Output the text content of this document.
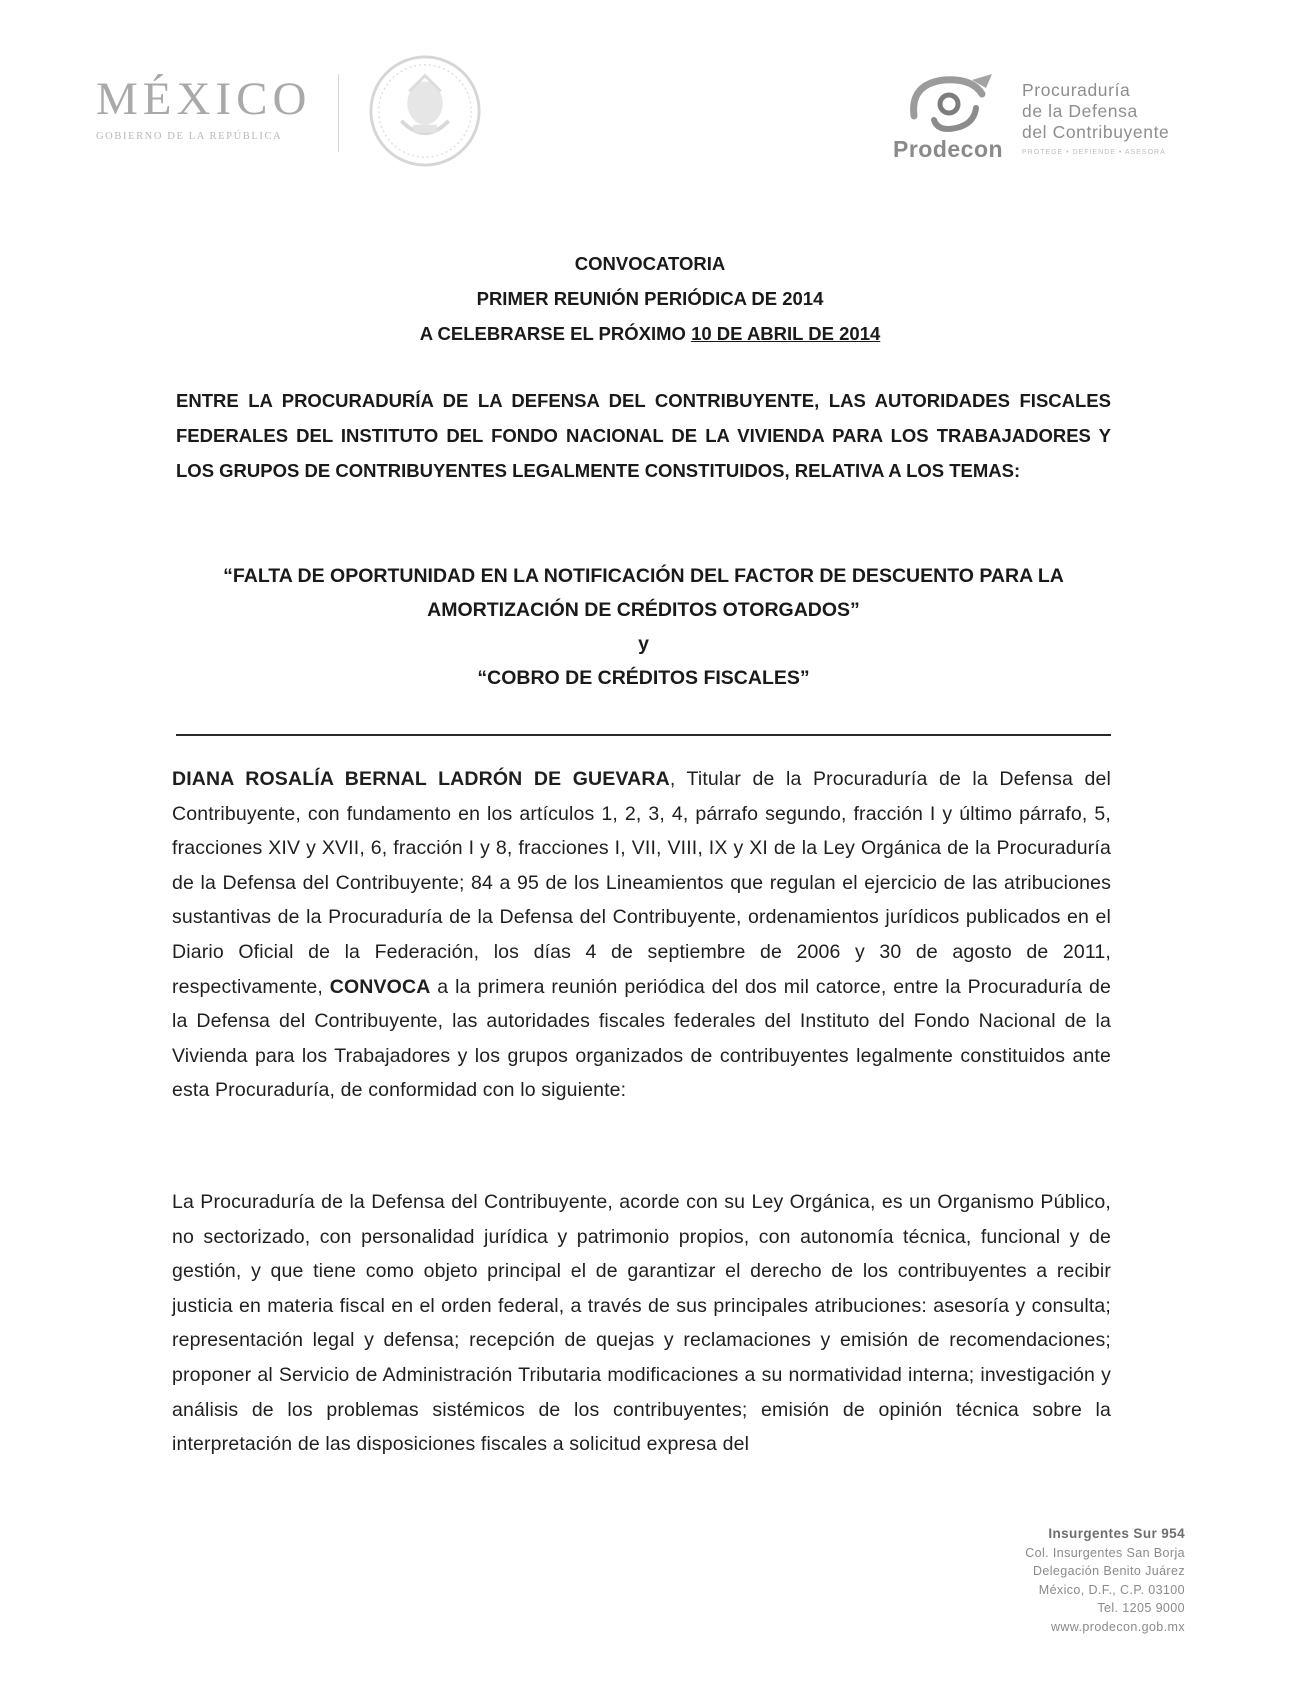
MÉXICO
GOBIERNO DE LA REPÚBLICA	Prodecon
Procuraduría
de la Defensa
del Contribuyente
PROTEGE • DEFIENDE • ASESORA
CONVOCATORIA
PRIMER REUNIÓN PERIÓDICA DE 2014
A CELEBRARSE EL PRÓXIMO 10 DE ABRIL DE 2014
ENTRE LA PROCURADURÍA DE LA DEFENSA DEL CONTRIBUYENTE, LAS AUTORIDADES FISCALES FEDERALES DEL INSTITUTO DEL FONDO NACIONAL DE LA VIVIENDA PARA LOS TRABAJADORES Y LOS GRUPOS DE CONTRIBUYENTES LEGALMENTE CONSTITUIDOS, RELATIVA A LOS TEMAS:
“FALTA DE OPORTUNIDAD EN LA NOTIFICACIÓN DEL FACTOR DE DESCUENTO PARA LA
AMORTIZACIÓN DE CRÉDITOS OTORGADOS”
y
“COBRO DE CRÉDITOS FISCALES”
DIANA ROSALÍA BERNAL LADRÓN DE GUEVARA, Titular de la Procuraduría de la Defensa del Contribuyente, con fundamento en los artículos 1, 2, 3, 4, párrafo segundo, fracción I y último párrafo, 5, fracciones XIV y XVII, 6, fracción I y 8, fracciones I, VII, VIII, IX y XI de la Ley Orgánica de la Procuraduría de la Defensa del Contribuyente; 84 a 95 de los Lineamientos que regulan el ejercicio de las atribuciones sustantivas de la Procuraduría de la Defensa del Contribuyente, ordenamientos jurídicos publicados en el Diario Oficial de la Federación, los días 4 de septiembre de 2006 y 30 de agosto de 2011, respectivamente, CONVOCA a la primera reunión periódica del dos mil catorce, entre la Procuraduría de la Defensa del Contribuyente, las autoridades fiscales federales del Instituto del Fondo Nacional de la Vivienda para los Trabajadores y los grupos organizados de contribuyentes legalmente constituidos ante esta Procuraduría, de conformidad con lo siguiente:
La Procuraduría de la Defensa del Contribuyente, acorde con su Ley Orgánica, es un Organismo Público, no sectorizado, con personalidad jurídica y patrimonio propios, con autonomía técnica, funcional y de gestión, y que tiene como objeto principal el de garantizar el derecho de los contribuyentes a recibir justicia en materia fiscal en el orden federal, a través de sus principales atribuciones: asesoría y consulta; representación legal y defensa; recepción de quejas y reclamaciones y emisión de recomendaciones; proponer al Servicio de Administración Tributaria modificaciones a su normatividad interna; investigación y análisis de los problemas sistémicos de los contribuyentes; emisión de opinión técnica sobre la interpretación de las disposiciones fiscales a solicitud expresa del
Insurgentes Sur 954
Col. Insurgentes San Borja
Delegación Benito Juárez
México, D.F., C.P. 03100
Tel. 1205 9000
www.prodecon.gob.mx
